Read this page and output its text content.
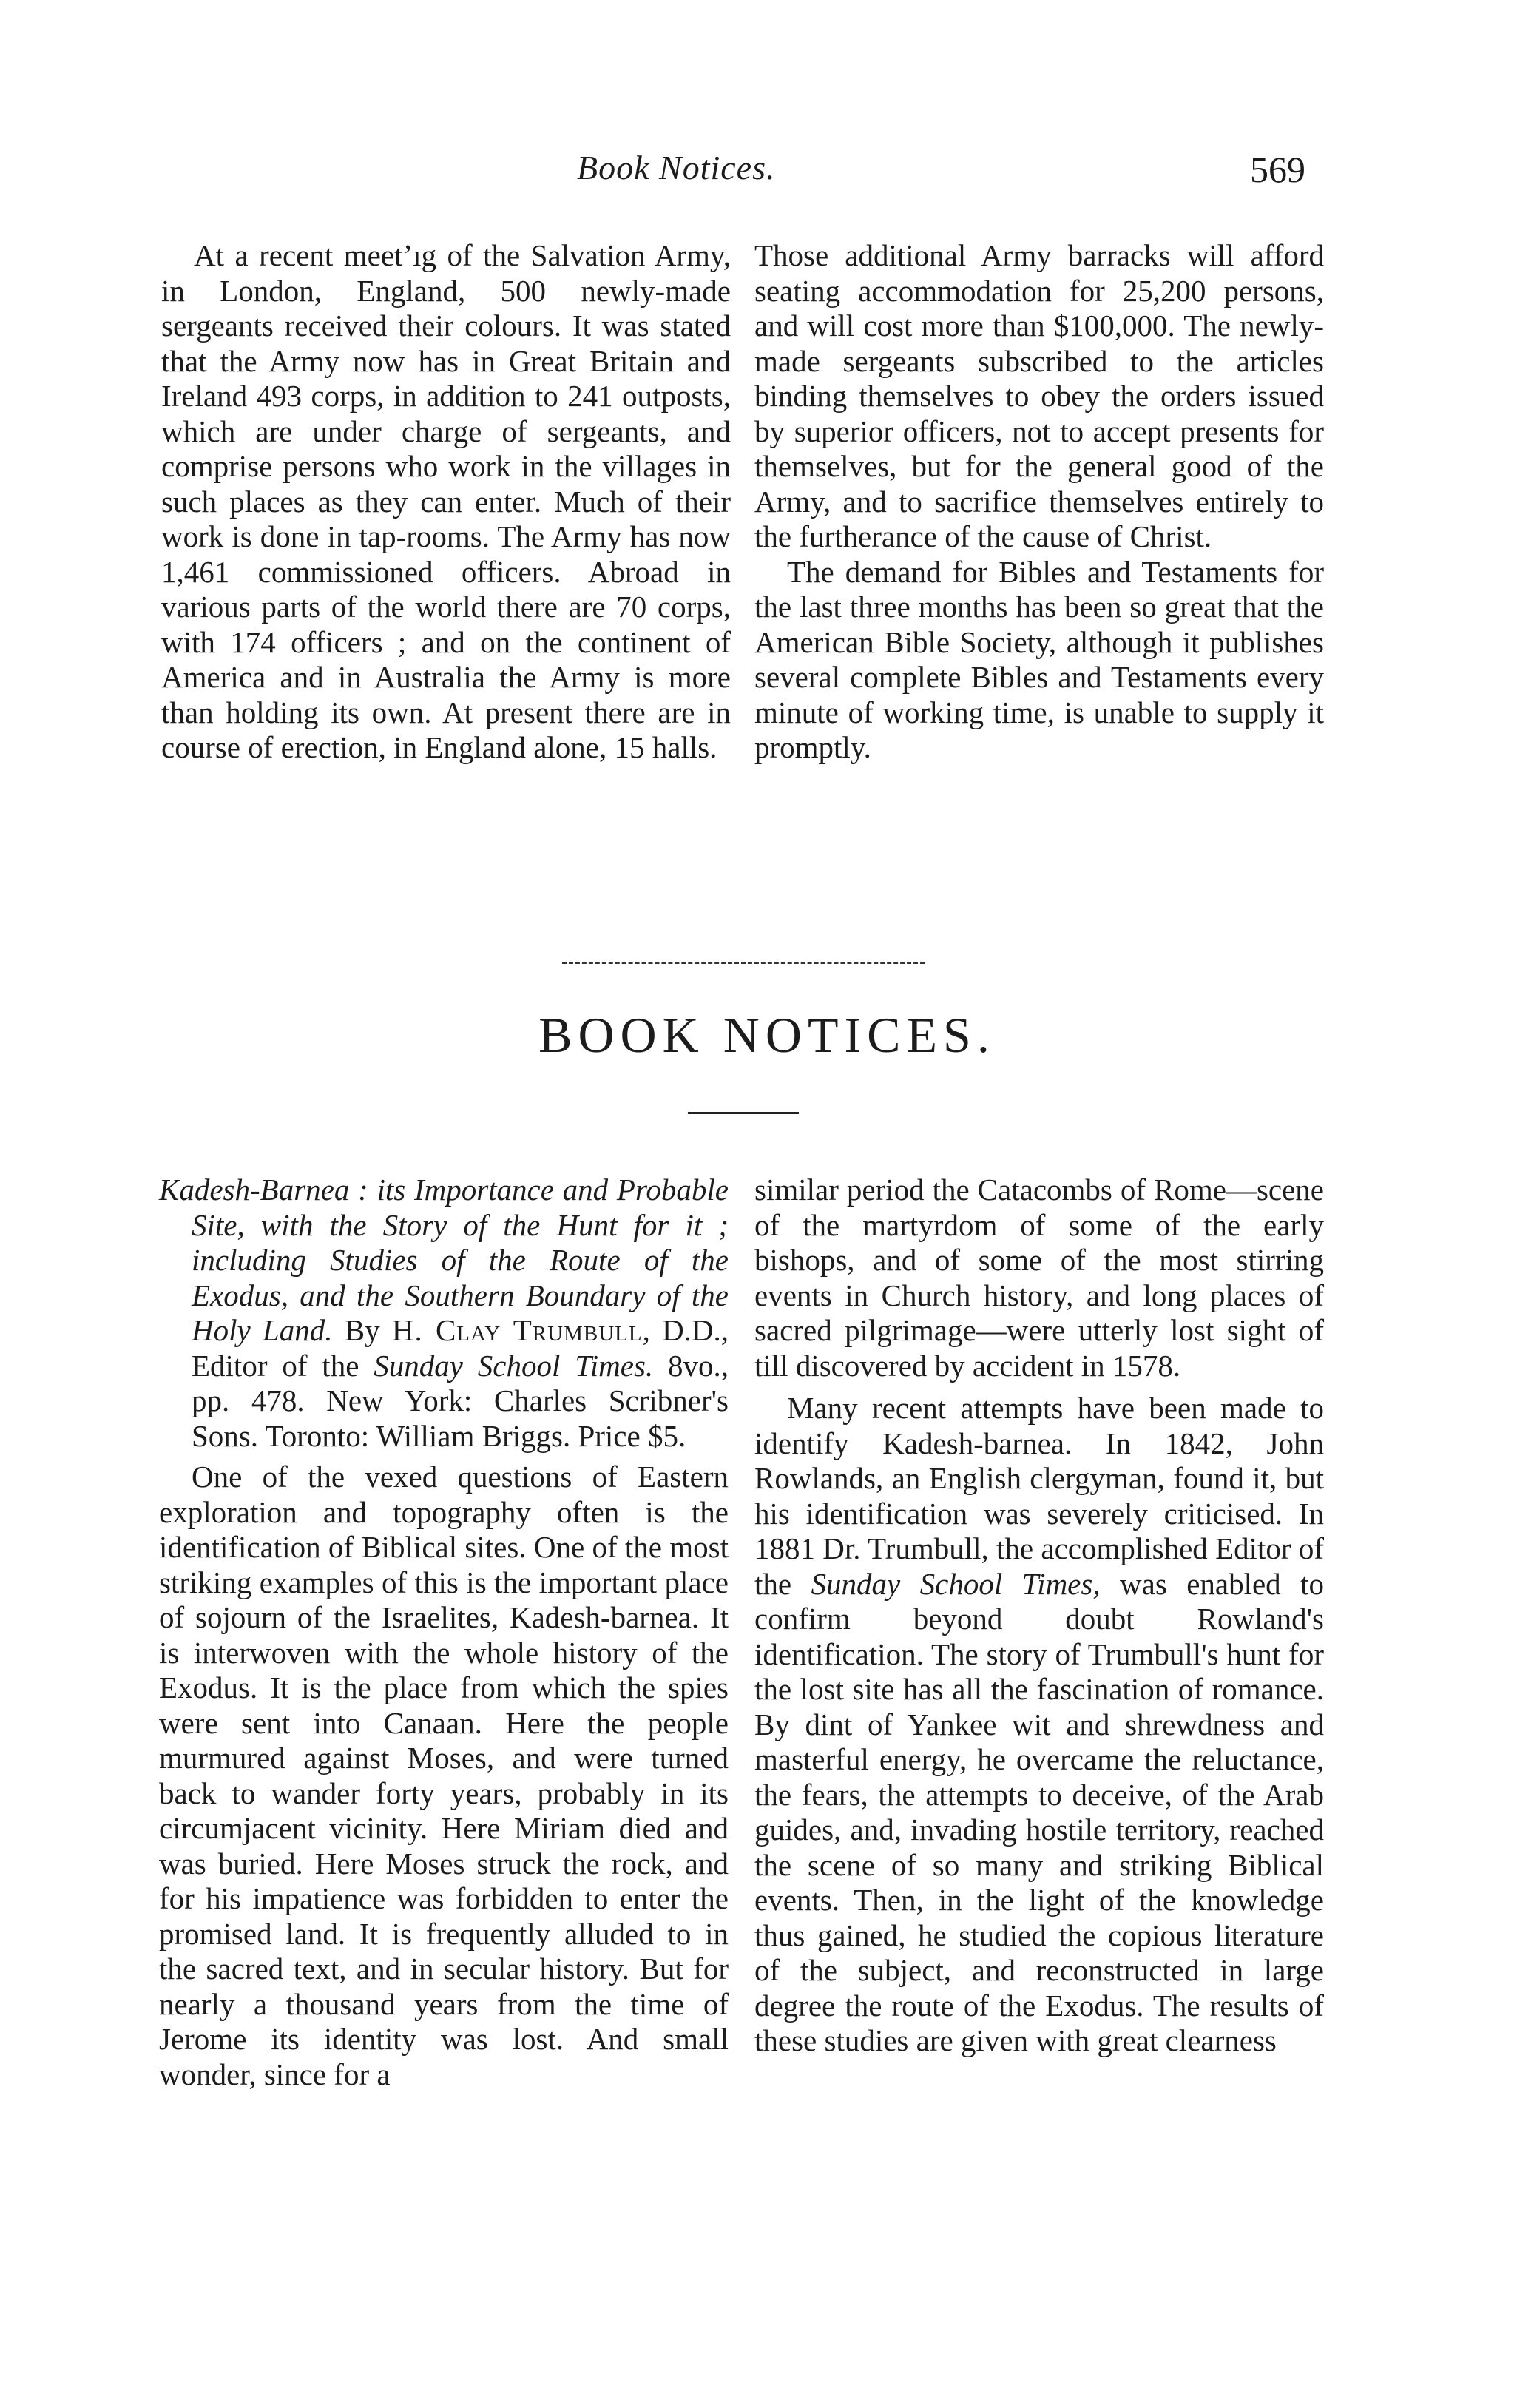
Book Notices.	569

At a recent meetʼıg of the Salvation Army, in London, England, 500 newly-made sergeants received their colours. It was stated that the Army now has in Great Britain and Ireland 493 corps, in addition to 241 outposts, which are under charge of sergeants, and comprise persons who work in the villages in such places as they can enter. Much of their work is done in tap-rooms. The Army has now 1,461 commissioned officers. Abroad in various parts of the world there are 70 corps, with 174 officers ; and on the continent of America and in Australia the Army is more than holding its own. At present there are in course of erection, in England alone, 15 halls.

Those additional Army barracks will afford seating accommodation for 25,200 persons, and will cost more than $100,000. The newly-made sergeants subscribed to the articles binding themselves to obey the orders issued by superior officers, not to accept presents for themselves, but for the general good of the Army, and to sacrifice themselves entirely to the furtherance of the cause of Christ.

The demand for Bibles and Testaments for the last three months has been so great that the American Bible Society, although it publishes several complete Bibles and Testaments every minute of working time, is unable to supply it promptly.

BOOK NOTICES.

Kadesh-Barnea : its Importance and Probable Site, with the Story of the Hunt for it ; including Studies of the Route of the Exodus, and the Southern Boundary of the Holy Land. By H. Clay Trumbull, D.D., Editor of the Sunday School Times. 8vo., pp. 478. New York: Charles Scribner's Sons. Toronto: William Briggs. Price $5.

One of the vexed questions of Eastern exploration and topography often is the identification of Biblical sites. One of the most striking examples of this is the important place of sojourn of the Israelites, Kadesh-barnea. It is interwoven with the whole history of the Exodus. It is the place from which the spies were sent into Canaan. Here the people murmured against Moses, and were turned back to wander forty years, probably in its circumjacent vicinity. Here Miriam died and was buried. Here Moses struck the rock, and for his impatience was forbidden to enter the promised land. It is frequently alluded to in the sacred text, and in secular history. But for nearly a thousand years from the time of Jerome its identity was lost. And small wonder, since for a

similar period the Catacombs of Rome—scene of the martyrdom of some of the early bishops, and of some of the most stirring events in Church history, and long places of sacred pilgrimage—were utterly lost sight of till discovered by accident in 1578.

Many recent attempts have been made to identify Kadesh-barnea. In 1842, John Rowlands, an English clergyman, found it, but his identification was severely criticised. In 1881 Dr. Trumbull, the accomplished Editor of the Sunday School Times, was enabled to confirm beyond doubt Rowland's identification. The story of Trumbull's hunt for the lost site has all the fascination of romance. By dint of Yankee wit and shrewdness and masterful energy, he overcame the reluctance, the fears, the attempts to deceive, of the Arab guides, and, invading hostile territory, reached the scene of so many and striking Biblical events. Then, in the light of the knowledge thus gained, he studied the copious literature of the subject, and reconstructed in large degree the route of the Exodus. The results of these studies are given with great clearness
